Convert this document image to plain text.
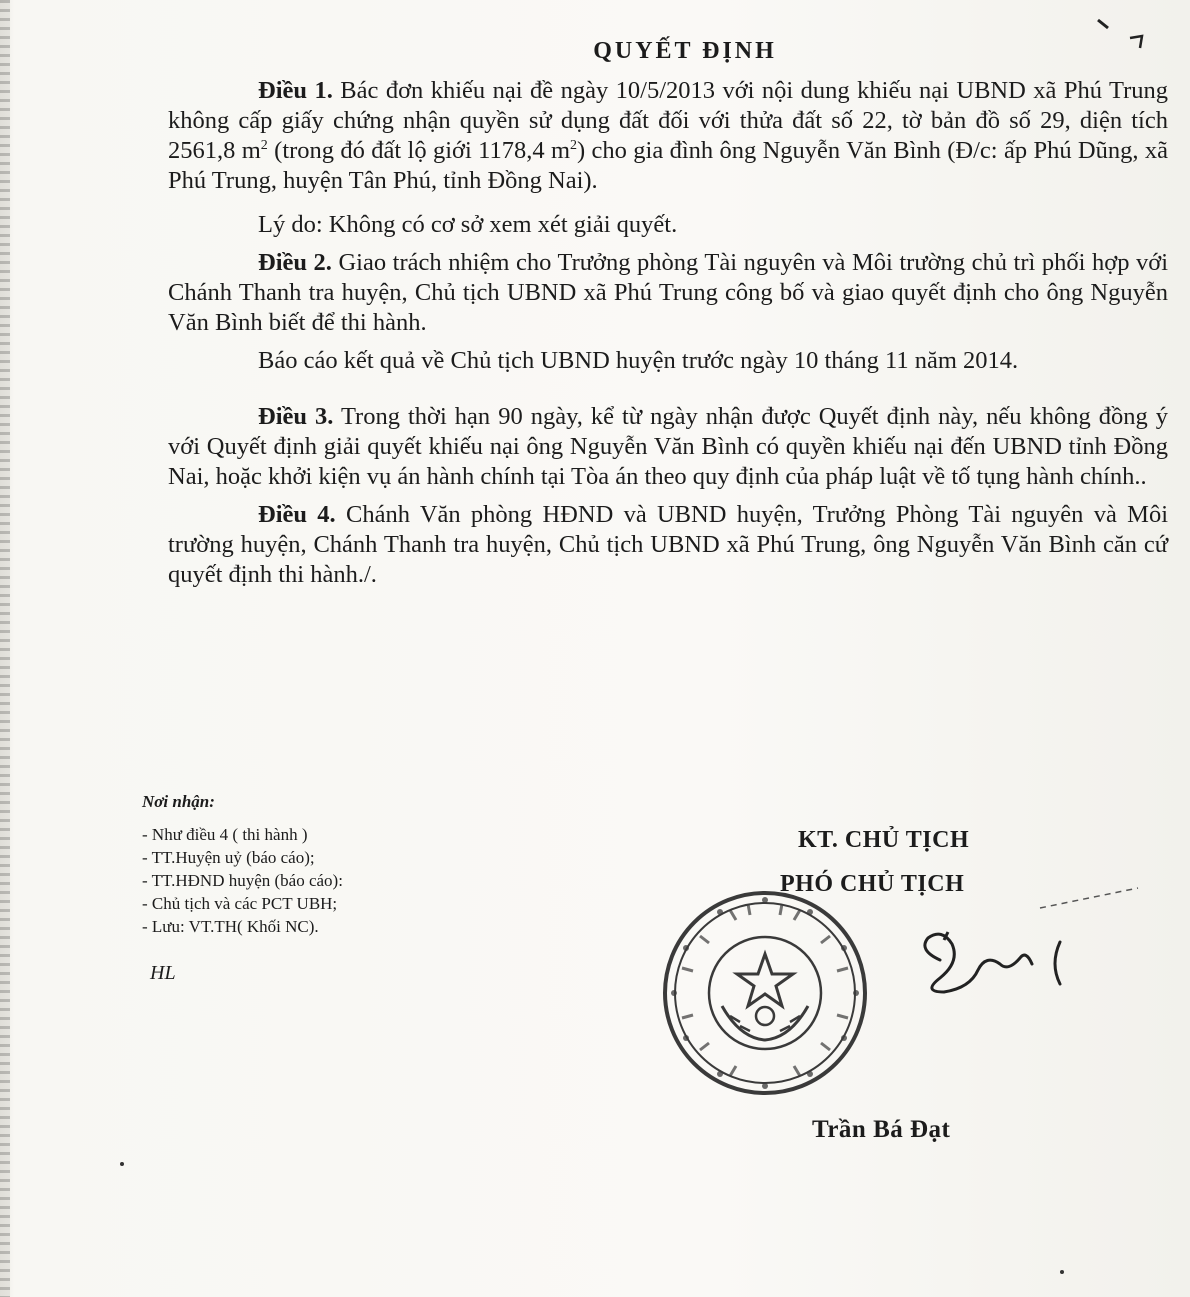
QUYẾT ĐỊNH

Điều 1. Bác đơn khiếu nại đề ngày 10/5/2013 với nội dung khiếu nại UBND xã Phú Trung không cấp giấy chứng nhận quyền sử dụng đất đối với thửa đất số 22, tờ bản đồ số 29, diện tích 2561,8 $m^2$ (trong đó đất lộ giới 1178,4 $m^2$) cho gia đình ông Nguyễn Văn Bình (Đ/c: ấp Phú Dũng, xã Phú Trung, huyện Tân Phú, tỉnh Đồng Nai).

Lý do: Không có cơ sở xem xét giải quyết.

Điều 2. Giao trách nhiệm cho Trưởng phòng Tài nguyên và Môi trường chủ trì phối hợp với Chánh Thanh tra huyện, Chủ tịch UBND xã Phú Trung công bố và giao quyết định cho ông Nguyễn Văn Bình biết để thi hành.

Báo cáo kết quả về Chủ tịch UBND huyện trước ngày 10 tháng 11 năm 2014.

Điều 3. Trong thời hạn 90 ngày, kể từ ngày nhận được Quyết định này, nếu không đồng ý với Quyết định giải quyết khiếu nại ông Nguyễn Văn Bình có quyền khiếu nại đến UBND tỉnh Đồng Nai, hoặc khởi kiện vụ án hành chính tại Tòa án theo quy định của pháp luật về tố tụng hành chính..

Điều 4. Chánh Văn phòng HĐND và UBND huyện, Trưởng Phòng Tài nguyên và Môi trường huyện, Chánh Thanh tra huyện, Chủ tịch UBND xã Phú Trung, ông Nguyễn Văn Bình căn cứ quyết định thi hành./.

Nơi nhận:
- Như điều 4 ( thi hành )
- TT.Huyện uỷ (báo cáo);
- TT.HĐND huyện (báo cáo):
- Chủ tịch và các PCT UBH;
- Lưu: VT.TH( Khối NC).
HL
KT. CHỦ TỊCH
PHÓ CHỦ TỊCH
Trần Bá Đạt
